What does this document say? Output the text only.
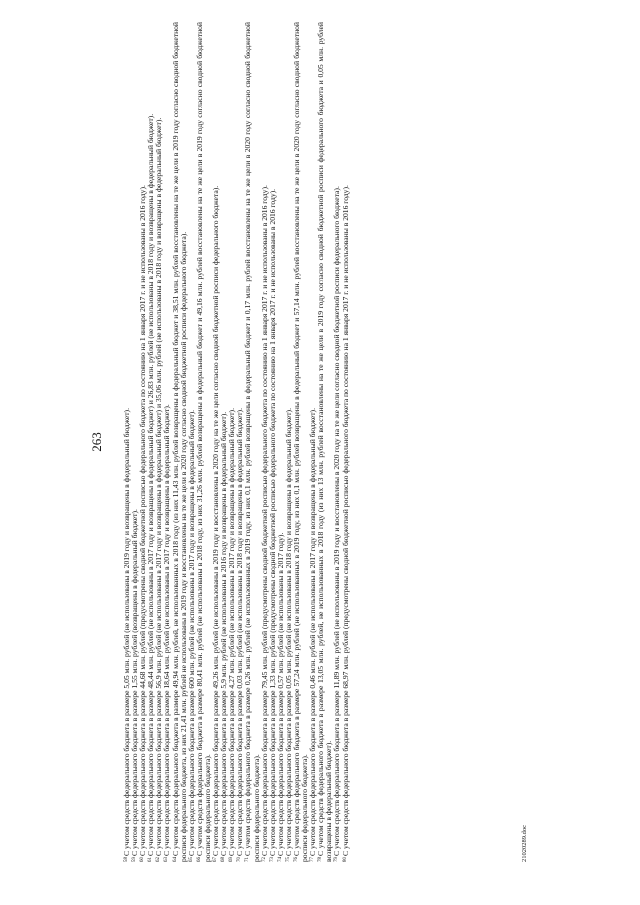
263

$^{58}$С учетом средств федерального бюджета в размере 5,05 млн. рублей (не использованы в 2019 году и возвращены в федеральный бюджет).

$^{59}$С учетом средств федерального бюджета в размере 1,55 млн. рублей (возвращены в федеральный бюджет).

$^{60}$С учетом средств федерального бюджета в размере 44,68 млн. рублей (предусмотрены сводной бюджетной росписью федерального бюджета по состоянию на 1 января 2017 г. и не использованы в 2016 году).

$^{61}$С учетом средств федерального бюджета в размере 48,44 млн. рублей (не использованы в 2017 году и возвращены в федеральный бюджет) и 26,83 млн. рублей (не использованы в 2018 году и возвращены в федеральный бюджет).

$^{62}$С учетом средств федерального бюджета в размере 56,9 млн. рублей (не использованы в 2017 году и возвращены в федеральный бюджет) и 35,06 млн. рублей (не использованы в 2018 году и возвращены в федеральный бюджет).

$^{63}$С учетом средств федерального бюджета в размере 18,64 млн. рублей (не использованы в 2017 году и возвращены в федеральный бюджет).

$^{64}$С учетом средств федерального бюджета в размере 49,94 млн. рублей, не использованных в 2018 году (из них 11,43 млн. рублей возвращены в федеральный бюджет и 38,51 млн. рублей восстановлены на те же цели в 2019 году согласно сводной бюджетной росписи федерального бюджета, из них 21,41 млн. рублей не использованы в 2019 году и восстановлены на те же цели в 2020 году согласно сводной бюджетной росписи федерального бюджета). $^{65}$С учетом средств федерального бюджета в размере 600 млн. рублей (не использованы в 2017 году и возвращены в федеральный бюджет).

$^{66}$С учетом средств федерального бюджета в размере 80,41 млн. рублей (не использованы в 2018 году, из них 31,26 млн. рублей возвращены в федеральный бюджет и 49,16 млн. рублей восстановлены на те же цели в 2019 году согласно сводной бюджетной росписи федерального бюджета). $^{67}$С учетом средств федерального бюджета в размере 49,26 млн. рублей (не использованы в 2019 году и восстановлены в 2020 году на те же цели согласно сводной бюджетной росписи федерального бюджета).

$^{68}$С учетом средств федерального бюджета в размере 5,9 млн. рублей (не использованы в 2016 году и возвращены в федеральный бюджет).

$^{69}$С учетом средств федерального бюджета в размере 4,27 млн. рублей (не использованы в 2017 году и возвращены в федеральный бюджет).

$^{70}$С учетом средств федерального бюджета в размере 0,03 млн. рублей (не использованы в 2018 году и возвращены в федеральный бюджет).

$^{71}$С учетом средств федерального бюджета в размере 0,26 млн. рублей (не использованных в 2019 году, из них 0,1 млн. рублей возвращены в федеральный бюджет и 0,17 млн. рублей восстановлены на те же цели в 2020 году согласно сводной бюджетной росписи федерального бюджета). $^{72}$С учетом средств федерального бюджета в размере 79,45 млн. рублей (предусмотрены сводной бюджетной росписью федерального бюджета по состоянию на 1 января 2017 г. и не использованы в 2016 году).

$^{73}$С учетом средств федерального бюджета в размере 1,33 млн. рублей (предусмотрены сводной бюджетной росписью федерального бюджета по состоянию на 1 января 2017 г. и не использованы в 2016 году).

$^{74}$С учетом средств федерального бюджета в размере 0,57 млн. рублей (не использованы в 2017 году).

$^{75}$С учетом средств федерального бюджета в размере 0,05 млн. рублей (не использованы в 2018 году и возвращены в федеральный бюджет).

$^{76}$С учетом средств федерального бюджета в размере 57,24 млн. рублей (не использованных в 2019 году, из них 0,1 млн. рублей возвращены в федеральный бюджет и 57,14 млн. рублей восстановлены на те же цели в 2020 году согласно сводной бюджетной росписи федерального бюджета). $^{77}$С учетом средств федерального бюджета в размере 0,46 млн. рублей (не использованы в 2017 году и возвращены в федеральный бюджет).

$^{78}$С учетом средств федерального бюджета в размере 13,05 млн. рублей, не использованных в 2018 году (из них 13 млн. рублей восстановлены на те же цели в 2019 году согласно сводной бюджетной росписи федерального бюджета и 0,05 млн. рублей возвращены в федеральный бюджет). $^{79}$С учетом средств федерального бюджета в размере 11,89 млн. рублей (не использованы в 2019 году и восстановлены в 2020 году на те же цели согласно сводной бюджетной росписи федерального бюджета).

$^{80}$С учетом средств федерального бюджета в размере 68,97 млн. рублей (предусмотрены сводной бюджетной росписью федерального бюджета по состоянию на 1 января 2017 г. и не использованы в 2016 году).	21020289.doc
